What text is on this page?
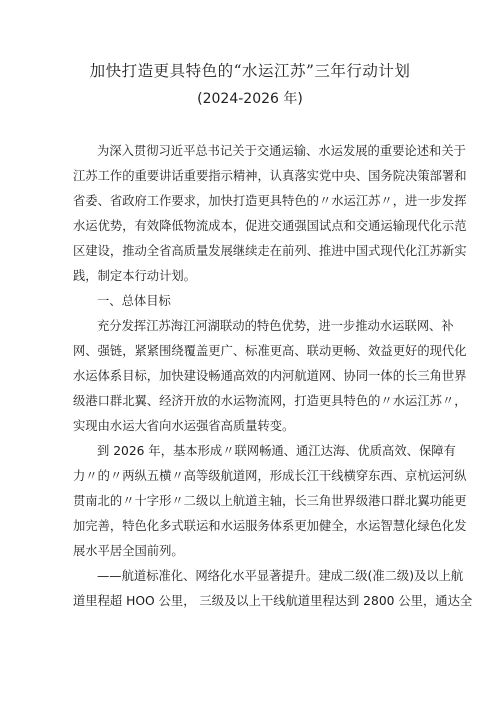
加快打造更具特色的“水运江苏”三年行动计划
(2024-2026 年)
为深入贯彻习近平总书记关于交通运输、水运发展的重要论述和关于
江苏工作的重要讲话重要指示精神，认真落实党中央、国务院决策部署和
省委、省政府工作要求，加快打造更具特色的〃水运江苏〃，进一步发挥
水运优势，有效降低物流成本，促进交通强国试点和交通运输现代化示范
区建设，推动全省高质量发展继续走在前列、推进中国式现代化江苏新实
践，制定本行动计划。
一、总体目标
充分发挥江苏海江河湖联动的特色优势，进一步推动水运联网、补
网、强链，紧紧围绕覆盖更广、标准更高、联动更畅、效益更好的现代化
水运体系目标，加快建设畅通高效的内河航道网、协同一体的长三角世界
级港口群北翼、经济开放的水运物流网，打造更具特色的〃水运江苏〃，
实现由水运大省向水运强省高质量转变。
到 2026 年，基本形成〃联网畅通、通江达海、优质高效、保障有
力〃的〃两纵五横〃高等级航道网，形成长江干线横穿东西、京杭运河纵
贯南北的〃十字形〃二级以上航道主轴，长三角世界级港口群北翼功能更
加完善，特色化多式联运和水运服务体系更加健全，水运智慧化绿色化发
展水平居全国前列。
——航道标准化、网络化水平显著提升。建成二级(准二级)及以上航
道里程超 HOO 公里， 三级及以上干线航道里程达到 2800 公里，通达全
